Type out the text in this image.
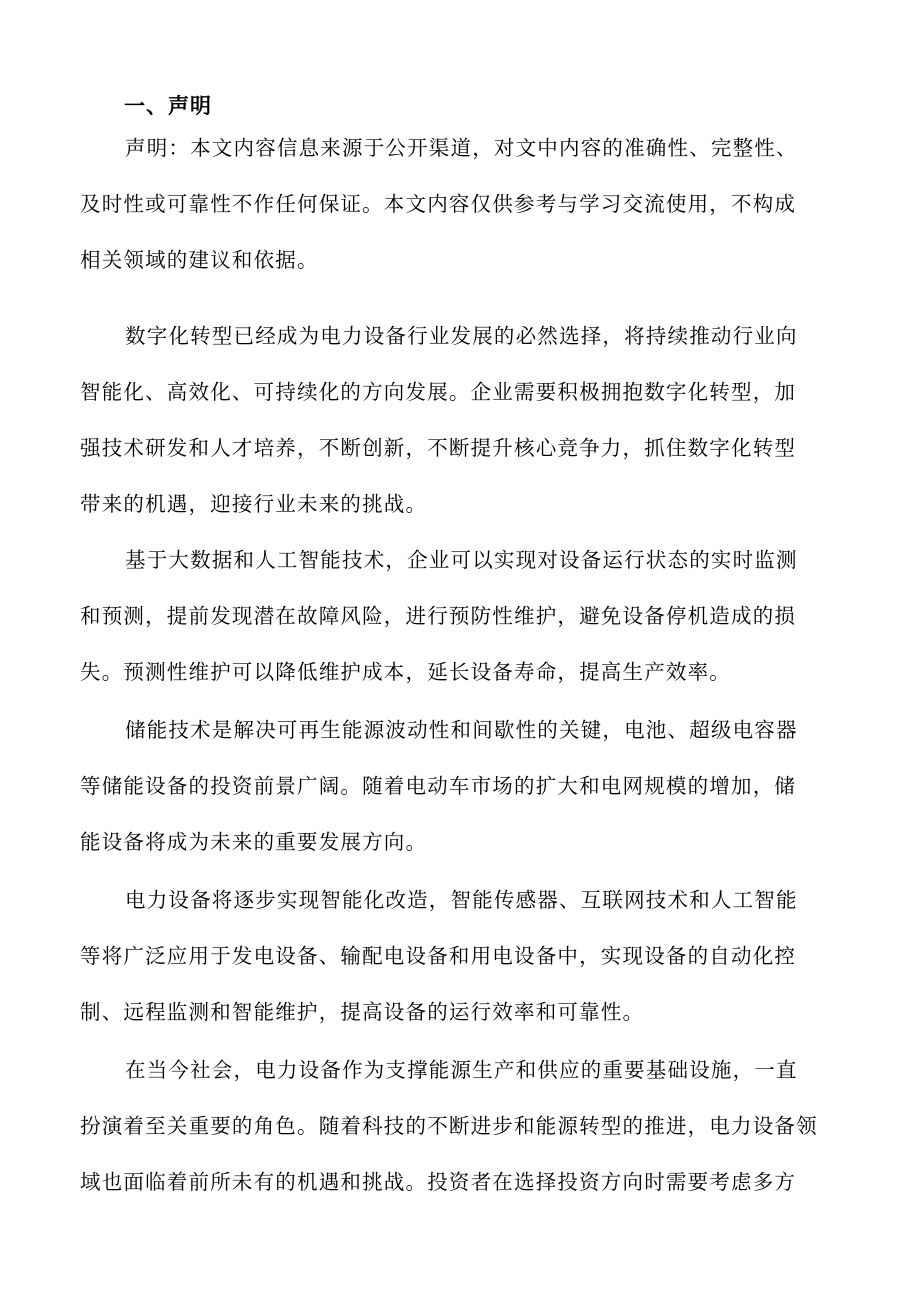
一、声明

声明：本文内容信息来源于公开渠道，对文中内容的准确性、完整性、
及时性或可靠性不作任何保证。本文内容仅供参考与学习交流使用，不构成
相关领域的建议和依据。

数字化转型已经成为电力设备行业发展的必然选择，将持续推动行业向
智能化、高效化、可持续化的方向发展。企业需要积极拥抱数字化转型，加
强技术研发和人才培养，不断创新，不断提升核心竞争力，抓住数字化转型
带来的机遇，迎接行业未来的挑战。

基于大数据和人工智能技术，企业可以实现对设备运行状态的实时监测
和预测，提前发现潜在故障风险，进行预防性维护，避免设备停机造成的损
失。预测性维护可以降低维护成本，延长设备寿命，提高生产效率。

储能技术是解决可再生能源波动性和间歇性的关键，电池、超级电容器
等储能设备的投资前景广阔。随着电动车市场的扩大和电网规模的增加，储
能设备将成为未来的重要发展方向。

电力设备将逐步实现智能化改造，智能传感器、互联网技术和人工智能
等将广泛应用于发电设备、输配电设备和用电设备中，实现设备的自动化控
制、远程监测和智能维护，提高设备的运行效率和可靠性。

在当今社会，电力设备作为支撑能源生产和供应的重要基础设施，一直
扮演着至关重要的角色。随着科技的不断进步和能源转型的推进，电力设备领
域也面临着前所未有的机遇和挑战。投资者在选择投资方向时需要考虑多方
